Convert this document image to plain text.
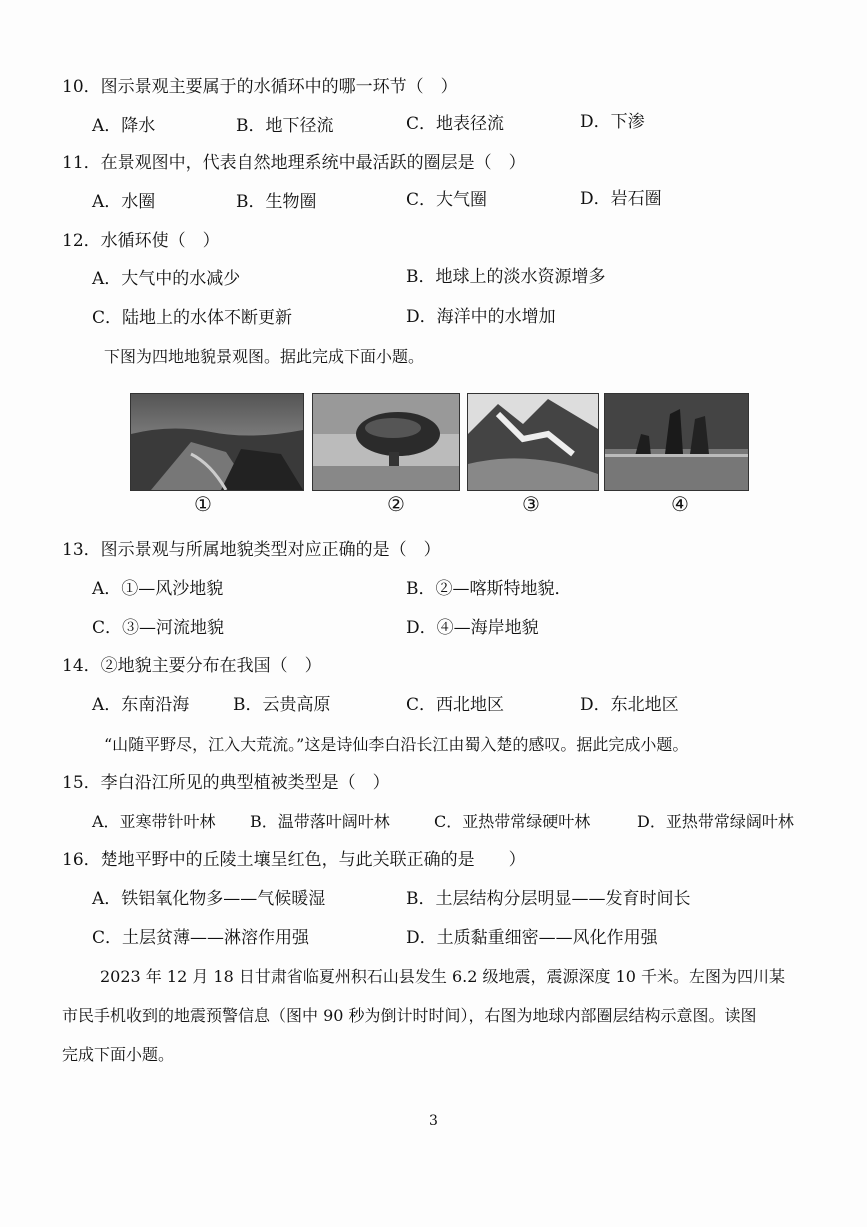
10．图示景观主要属于的水循环中的哪一环节（　）
A．降水	B．地下径流	C．地表径流	D．下渗
11．在景观图中，代表自然地理系统中最活跃的圈层是（　）
A．水圈	B．生物圈	C．大气圈	D．岩石圈
12．水循环使（　）
A．大气中的水减少	B．地球上的淡水资源增多
C．陆地上的水体不断更新	D．海洋中的水增加
下图为四地地貌景观图。据此完成下面小题。
①	②	③	④
13．图示景观与所属地貌类型对应正确的是（　）
A．①—风沙地貌	B．②—喀斯特地貌．
C．③—河流地貌	D．④—海岸地貌
14．②地貌主要分布在我国（　）
A．东南沿海	B．云贵高原	C．西北地区	D．东北地区
“山随平野尽，江入大荒流。”这是诗仙李白沿长江由蜀入楚的感叹。据此完成小题。
15．李白沿江所见的典型植被类型是（　）
A．亚寒带针叶林 B．温带落叶阔叶林	C．亚热带常绿硬叶林	D．亚热带常绿阔叶林
16．楚地平野中的丘陵土壤呈红色，与此关联正确的是　　）
A．铁铝氧化物多——气候暖湿	B．土层结构分层明显——发育时间长
C．土层贫薄——淋溶作用强	D．土质黏重细密——风化作用强
2023 年 12 月 18 日甘肃省临夏州积石山县发生 6.2 级地震，震源深度 10 千米。左图为四川某
市民手机收到的地震预警信息（图中 90 秒为倒计时时间），右图为地球内部圈层结构示意图。读图
完成下面小题。
3
